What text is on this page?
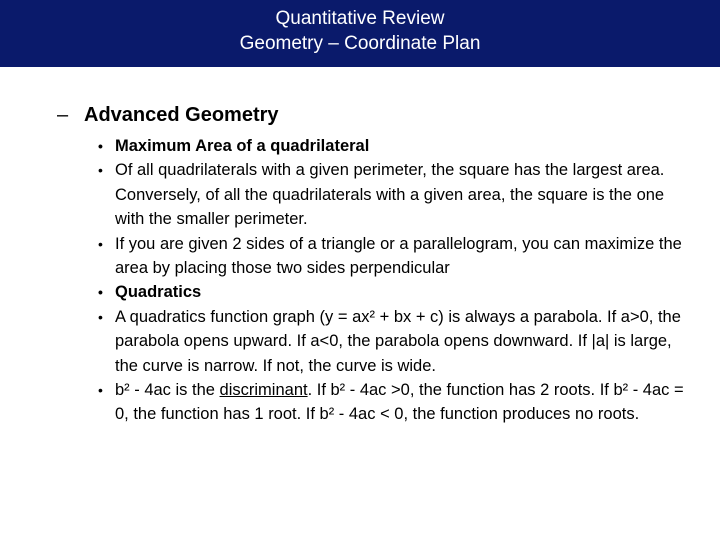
Quantitative Review
Geometry – Coordinate Plan
– Advanced Geometry
• Maximum Area of a quadrilateral
• Of all quadrilaterals with a given perimeter, the square has the largest area. Conversely, of all the quadrilaterals with a given area, the square is the one with the smaller perimeter.
• If you are given 2 sides of a triangle or a parallelogram, you can maximize the area by placing those two sides perpendicular
• Quadratics
• A quadratics function graph (y = ax² + bx + c) is always a parabola. If a>0, the parabola opens upward. If a<0, the parabola opens downward. If |a| is large, the curve is narrow. If not, the curve is wide.
• b² - 4ac is the discriminant. If b² - 4ac >0, the function has 2 roots. If b² - 4ac = 0, the function has 1 root. If b² - 4ac < 0, the function produces no roots.
